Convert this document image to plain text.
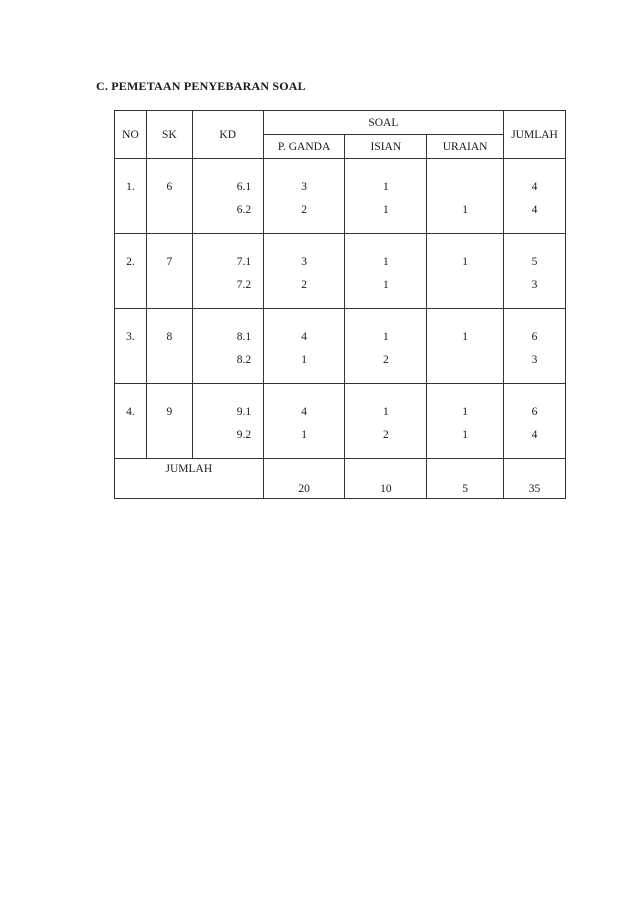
C. PEMETAAN PENYEBARAN SOAL
NO	SK	KD	SOAL			JUMLAH
			P. GANDA	ISIAN	URAIAN	

1.	6	6.1	3	1		4
		6.2	2	1	1	4

2.	7	7.1	3	1	1	5
		7.2	2	1		3

3.	8	8.1	4	1	1	6
		8.2	1	2		3

4.	9	9.1	4	1	1	6
		9.2	1	2	1	4

JUMLAH						
			20	10	5	35
